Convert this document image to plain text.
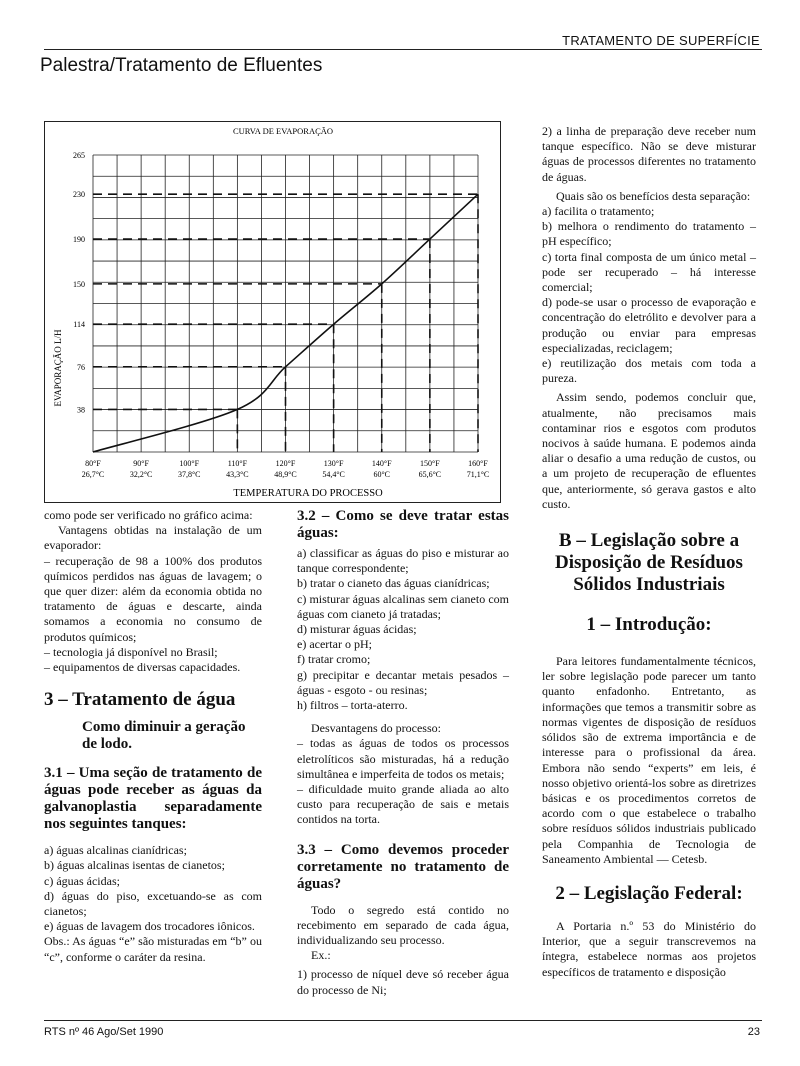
TRATAMENTO DE SUPERFÍCIE
Palestra/Tratamento de Efluentes
CURVA DE EVAPORAÇÃO
265
230
190
150
114
76
38
80°F
26,7°C
90°F
32,2°C
100°F
37,8°C
110°F
43,3°C
120°F
48,9°C
130°F
54,4°C
140°F
60°C
150°F
65,6°C
160°F
71,1°C
EVAPORAÇÃO L/H
TEMPERATURA DO PROCESSO

como pode ser verificado no gráfico acima:

Vantagens obtidas na instalação de um evaporador:

– recuperação de 98 a 100% dos produtos químicos perdidos nas águas de lavagem; o que quer dizer: além da economia obtida no tratamento de águas e descarte, ainda somamos a economia no consumo de produtos químicos;

– tecnologia já disponível no Brasil;

– equipamentos de diversas capacidades.

3 – Tratamento de água

Como diminuir a geração de lodo.

3.1 – Uma seção de tratamento de águas pode receber as águas da galvanoplastia separadamente nos seguintes tanques:

a) águas alcalinas cianídricas;

b) águas alcalinas isentas de cianetos;

c) águas ácidas;

d) águas do piso, excetuando-se as com cianetos;

e) águas de lavagem dos trocadores iônicos.

Obs.: As águas “e” são misturadas em “b” ou “c”, conforme o caráter da resina.

3.2 – Como se deve tratar estas águas:

a) classificar as águas do piso e misturar ao tanque correspondente;

b) tratar o cianeto das águas cianídricas;

c) misturar águas alcalinas sem cianeto com águas com cianeto já tratadas;

d) misturar águas ácidas;

e) acertar o pH;

f) tratar cromo;

g) precipitar e decantar metais pesados – águas - esgoto - ou resinas;

h) filtros – torta-aterro.

Desvantagens do processo:

– todas as águas de todos os processos eletrolíticos são misturadas, há a redução simultânea e imperfeita de todos os metais;

– dificuldade muito grande aliada ao alto custo para recuperação de sais e metais contidos na torta.

3.3 – Como devemos proceder corretamente no tratamento de águas?

Todo o segredo está contido no recebimento em separado de cada água, individualizando seu processo.

Ex.:

1) processo de níquel deve só receber água do processo de Ni;

2) a linha de preparação deve receber num tanque específico. Não se deve misturar águas de processos diferentes no tratamento de águas.

Quais são os benefícios desta separação:

a) facilita o tratamento;

b) melhora o rendimento do tratamento – pH específico;

c) torta final composta de um único metal – pode ser recuperado – há interesse comercial;

d) pode-se usar o processo de evaporação e concentração do eletrólito e devolver para a produção ou enviar para empresas especializadas, reciclagem;

e) reutilização dos metais com toda a pureza.

Assim sendo, podemos concluir que, atualmente, não precisamos mais contaminar rios e esgotos com produtos nocivos à saúde humana. E podemos ainda aliar o desafio a uma redução de custos, ou a um projeto de recuperação de efluentes que, anteriormente, só gerava gastos e alto custo.

B – Legislação sobre a Disposição de Resíduos Sólidos Industriais

1 – Introdução:

Para leitores fundamentalmente técnicos, ler sobre legislação pode parecer um tanto quanto enfadonho. Entretanto, as informações que temos a transmitir sobre as normas vigentes de disposição de resíduos sólidos são de extrema importância e de interesse para o profissional da área. Embora não sendo “experts” em leis, é nosso objetivo orientá-los sobre as diretrizes básicas e os procedimentos corretos de acordo com o que estabelece o trabalho sobre resíduos sólidos industriais publicado pela Companhia de Tecnologia de Saneamento Ambiental — Cetesb.

2 – Legislação Federal:

A Portaria n.º 53 do Ministério do Interior, que a seguir transcrevemos na íntegra, estabelece normas aos projetos específicos de tratamento e disposição

RTS nº 46 Ago/Set 1990	23
